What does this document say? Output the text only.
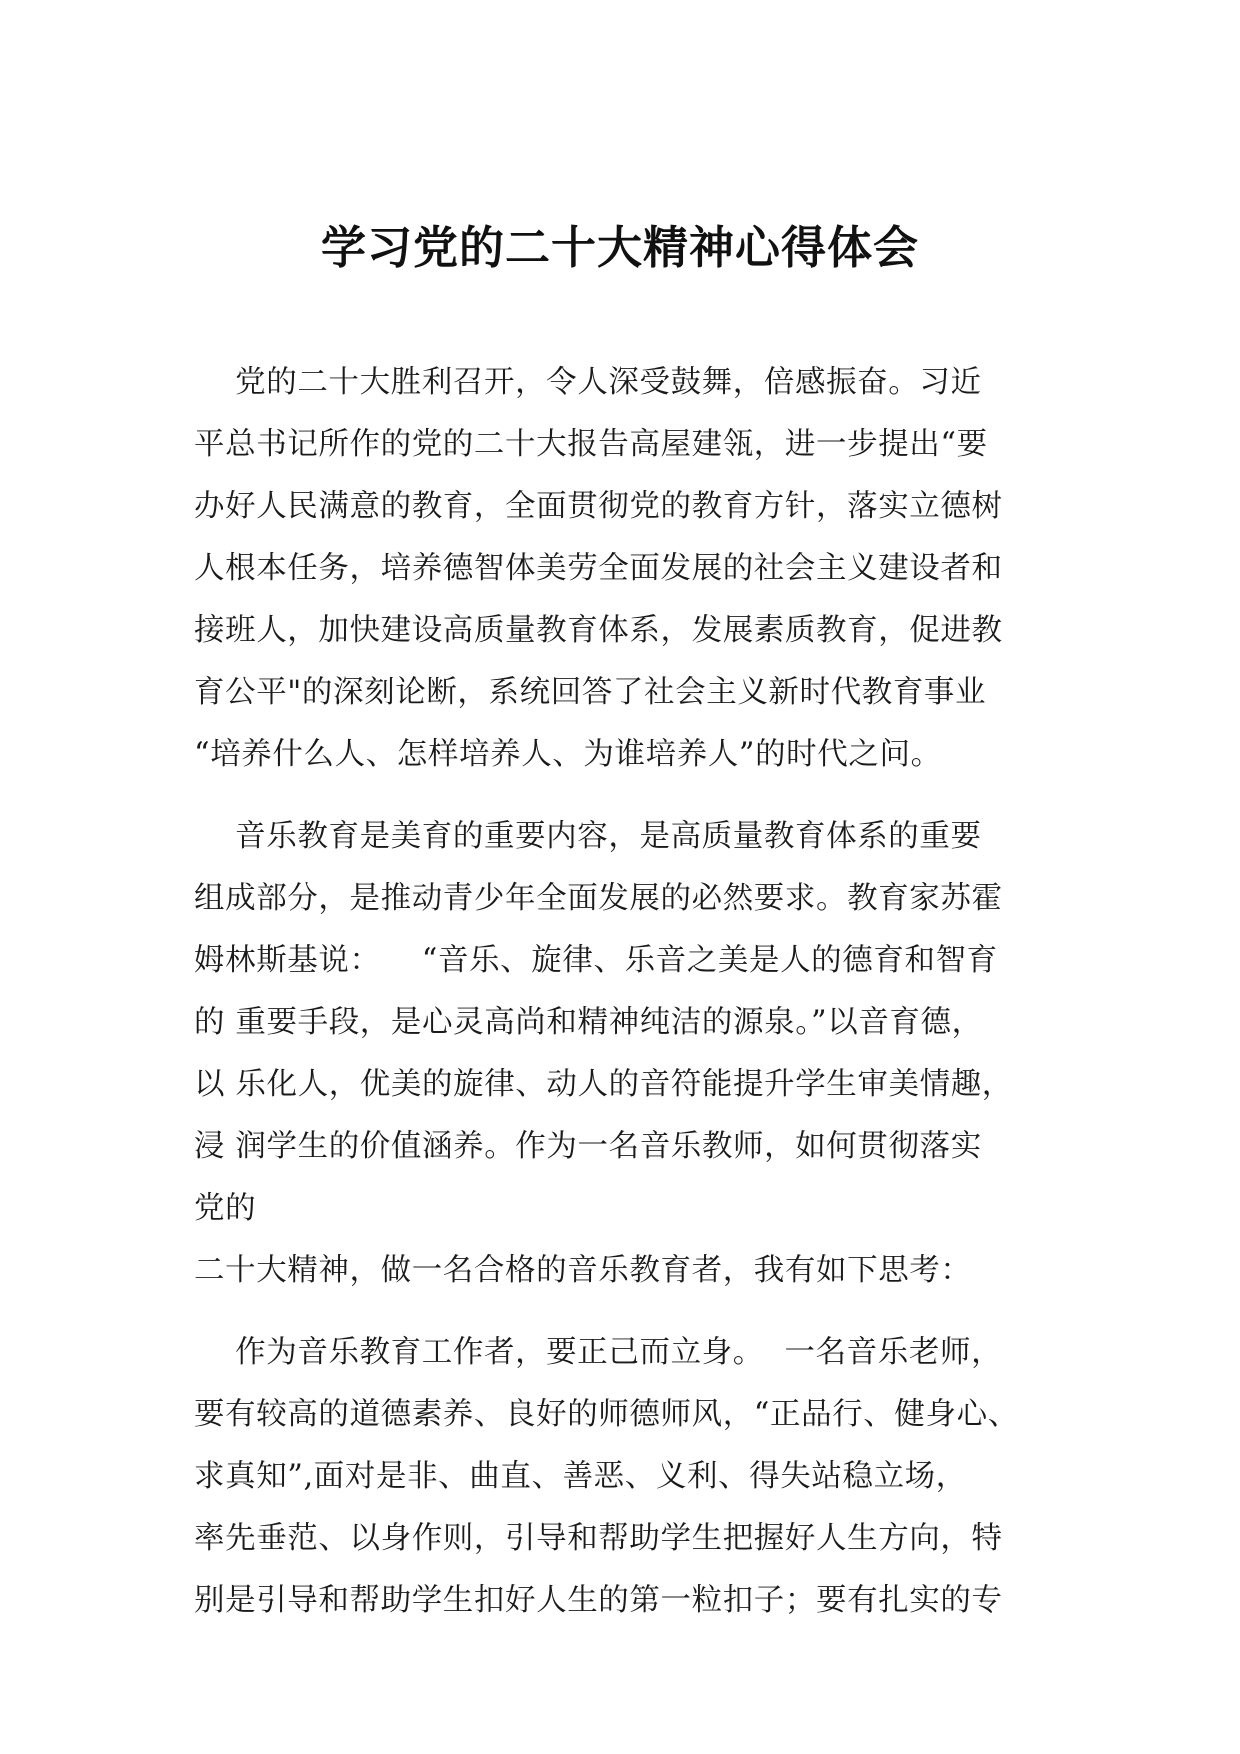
学习党的二十大精神心得体会
党的二十大胜利召开，令人深受鼓舞，倍感振奋。习近
平总书记所作的党的二十大报告高屋建瓴，进一步提出“要
办好人民满意的教育，全面贯彻党的教育方针，落实立德树
人根本任务，培养德智体美劳全面发展的社会主义建设者和
接班人，加快建设高质量教育体系，发展素质教育，促进教
育公平"的深刻论断，系统回答了社会主义新时代教育事业
“培养什么人、怎样培养人、为谁培养人”的时代之问。
音乐教育是美育的重要内容，是高质量教育体系的重要
组成部分，是推动青少年全面发展的必然要求。教育家苏霍
姆林斯基说：    “音乐、旋律、乐音之美是人的德育和智育
的 重要手段，是心灵高尚和精神纯洁的源泉。”以音育德，
以 乐化人，优美的旋律、动人的音符能提升学生审美情趣，
浸 润学生的价值涵养。作为一名音乐教师，如何贯彻落实
党的
二十大精神，做一名合格的音乐教育者，我有如下思考：
作为音乐教育工作者，要正己而立身。  一名音乐老师，
要有较高的道德素养、良好的师德师风，“正品行、健身心、
求真知”,面对是非、曲直、善恶、义利、得失站稳立场，
率先垂范、以身作则，引导和帮助学生把握好人生方向，特
别是引导和帮助学生扣好人生的第一粒扣子；要有扎实的专
